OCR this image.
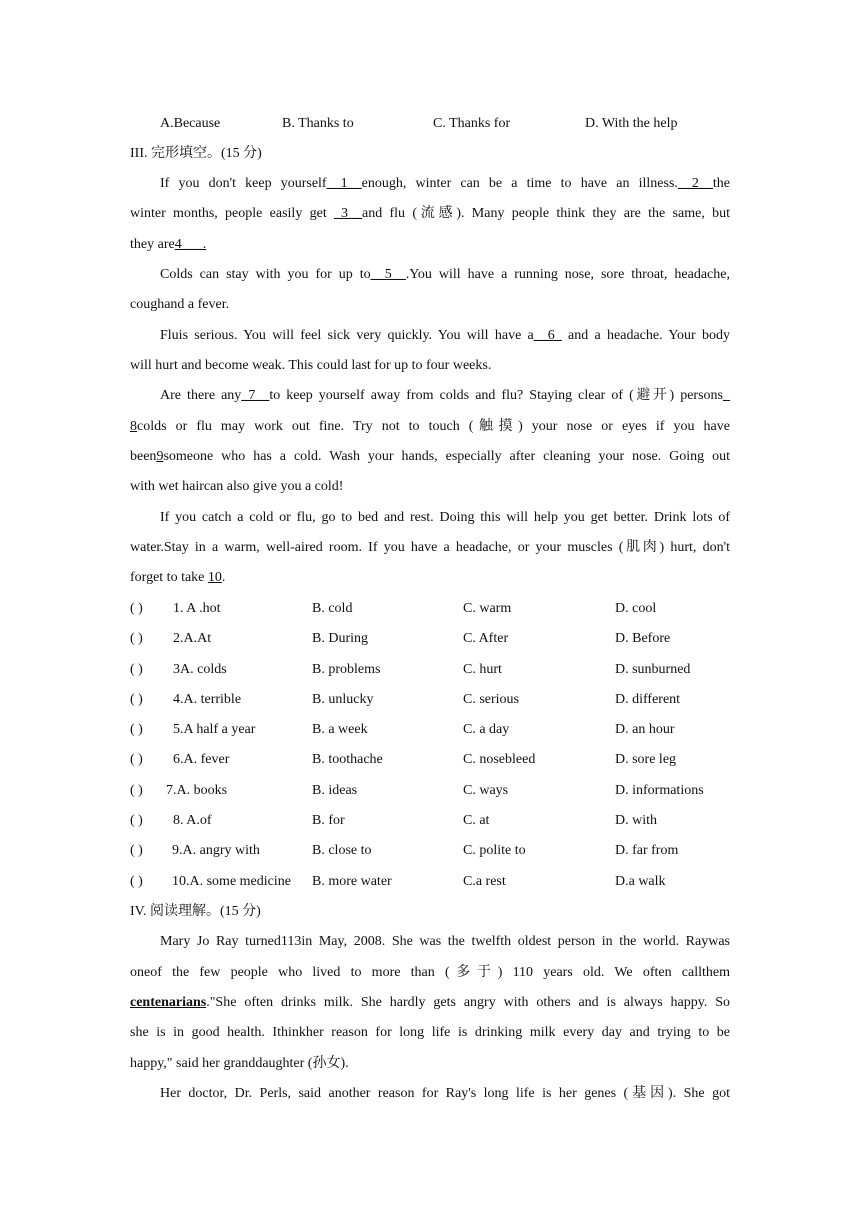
A.Because	B. Thanks to	C. Thanks for	D. With the help
III. 完形填空。(15 分)
If you don't keep yourself__1__enough, winter can be a time to have an illness.__2__the
winter months, people easily get _3__and flu (流感). Many people think they are the same, but
they are4___.
Colds can stay with you for up to__5__.You will have a running nose, sore throat, headache,
coughand a fever.
Fluis serious. You will feel sick very quickly. You will have a__6_ and a headache. Your body
will hurt and become weak. This could last for up to four weeks.
Are there any_7__to keep yourself away from colds and flu? Staying clear of (避开) persons_
8colds or flu may work out fine. Try not to touch (触摸) your nose or eyes if you have
been9someone who has a cold. Wash your hands, especially after cleaning your nose. Going out
with wet haircan also give you a cold!
If you catch a cold or flu, go to bed and rest. Doing this will help you get better. Drink lots of
water.Stay in a warm, well-aired room. If you have a headache, or your muscles (肌肉) hurt, don't
forget to take 10.
( ) 1. A .hot	B. cold	C. warm	D. cool
( ) 2.A.At	B. During	C. After	D. Before
( ) 3A. colds	B. problems	C. hurt	D. sunburned
( ) 4.A. terrible	B. unlucky	C. serious	D. different
( ) 5.A half a year	B. a week	C. a day	D. an hour
( ) 6.A. fever	B. toothache	C. nosebleed	D. sore leg
( ) 7.A. books	B. ideas	C. ways	D. informations
( ) 8. A.of	B. for	C. at	D. with
( ) 9.A. angry with	B. close to	C. polite to	D. far from
( ) 10.A. some medicine B. more water	C.a rest	D.a walk
IV. 阅读理解。(15 分)
Mary Jo Ray turned113in May, 2008. She was the twelfth oldest person in the world. Raywas
oneof the few people who lived to more than (多于) 110 years old. We often callthem
centenarians."She often drinks milk. She hardly gets angry with others and is always happy. So
she is in good health. Ithinkher reason for long life is drinking milk every day and trying to be
happy," said her granddaughter (孙女).
Her doctor, Dr. Perls, said another reason for Ray's long life is her genes (基因). She got
